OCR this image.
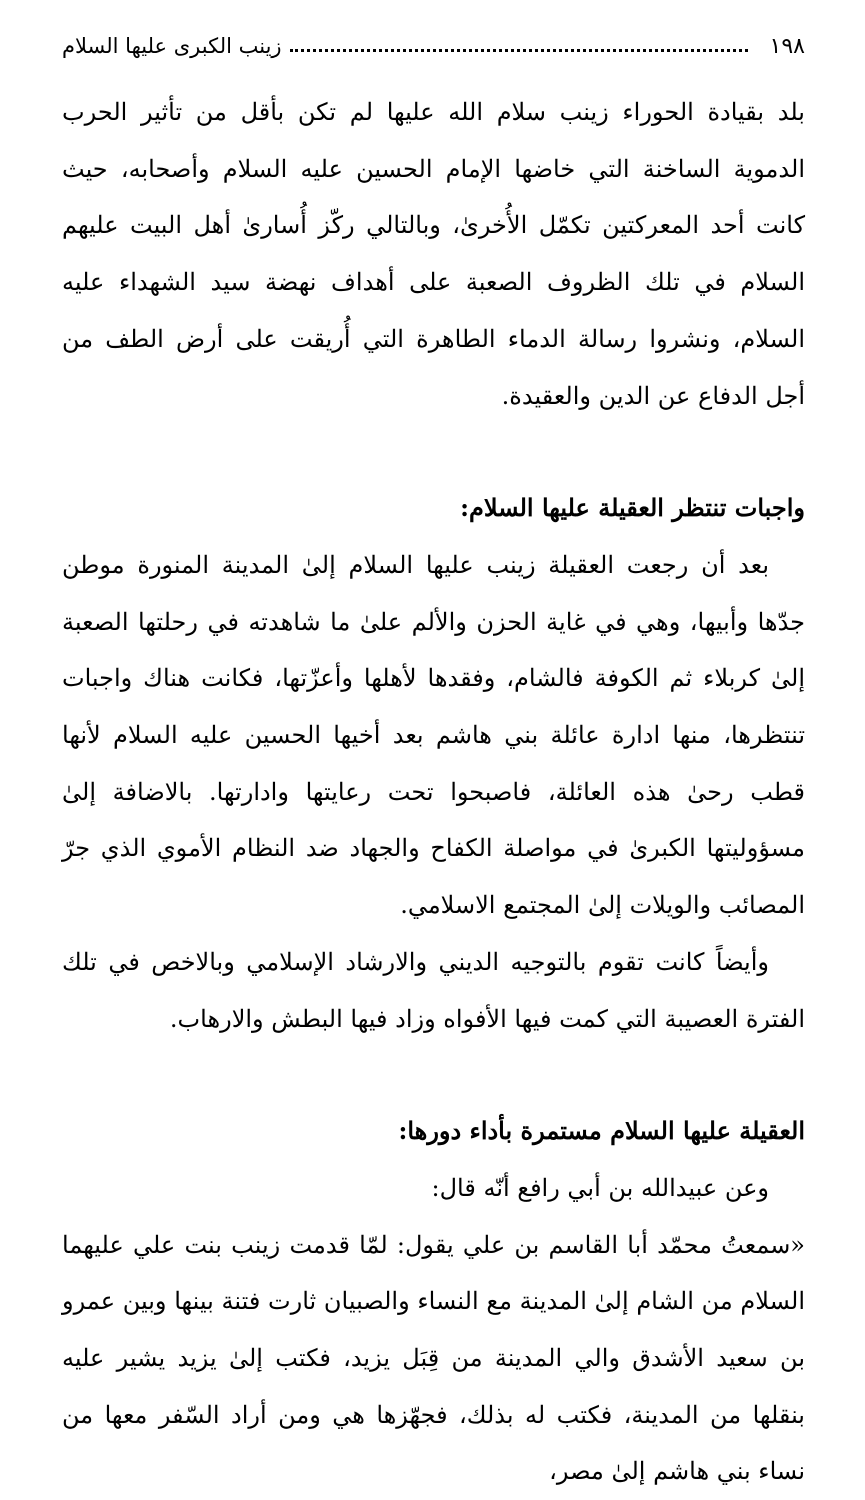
١٩٨
زينب الكبرى عليها السلام

بلد بقيادة الحوراء زينب سلام الله عليها لم تكن بأقل من تأثير الحرب الدموية الساخنة التي خاضها الإمام الحسين عليه السلام وأصحابه، حيث كانت أحد المعركتين تكمّل الأُخرىٰ، وبالتالي ركّز أُسارىٰ أهل البيت عليهم السلام في تلك الظروف الصعبة على أهداف نهضة سيد الشهداء عليه السلام، ونشروا رسالة الدماء الطاهرة التي أُريقت على أرض الطف من أجل الدفاع عن الدين والعقيدة.

واجبات تنتظر العقيلة عليها السلام:

بعد أن رجعت العقيلة زينب عليها السلام إلىٰ المدينة المنورة موطن جدّها وأبيها، وهي في غاية الحزن والألم علىٰ ما شاهدته في رحلتها الصعبة إلىٰ كربلاء ثم الكوفة فالشام، وفقدها لأهلها وأعزّتها، فكانت هناك واجبات تنتظرها، منها ادارة عائلة بني هاشم بعد أخيها الحسين عليه السلام لأنها قطب رحىٰ هذه العائلة، فاصبحوا تحت رعايتها وادارتها. بالاضافة إلىٰ مسؤوليتها الكبرىٰ في مواصلة الكفاح والجهاد ضد النظام الأموي الذي جرّ المصائب والويلات إلىٰ المجتمع الاسلامي.

وأيضاً كانت تقوم بالتوجيه الديني والارشاد الإسلامي وبالاخص في تلك الفترة العصيبة التي كمت فيها الأفواه وزاد فيها البطش والارهاب.

العقيلة عليها السلام مستمرة بأداء دورها:

وعن عبيدالله بن أبي رافع أنّه قال:

«سمعتُ محمّد أبا القاسم بن علي يقول: لمّا قدمت زينب بنت علي عليهما السلام من الشام إلىٰ المدينة مع النساء والصبيان ثارت فتنة بينها وبين عمرو بن سعيد الأشدق والي المدينة من قِبَل يزيد، فكتب إلىٰ يزيد يشير عليه بنقلها من المدينة، فكتب له بذلك، فجهّزها هي ومن أراد السّفر معها من نساء بني هاشم إلىٰ مصر،
